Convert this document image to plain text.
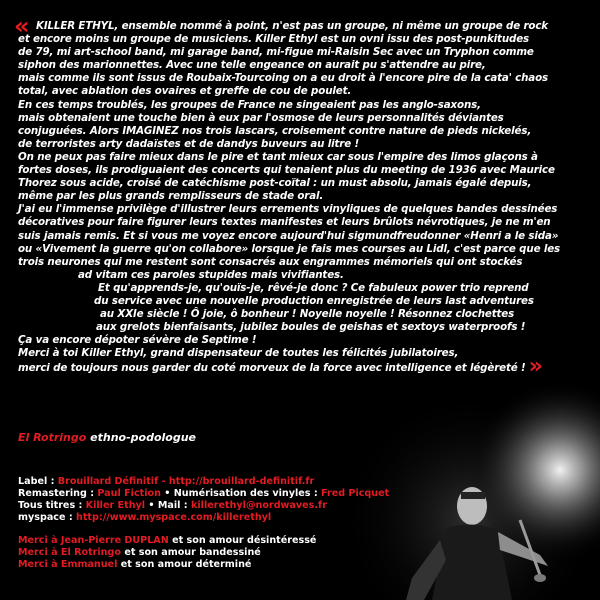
« KILLER ETHYL, ensemble nommé à point, n'est pas un groupe, ni même un groupe de rock
et encore moins un groupe de musiciens. Killer Ethyl est un ovni issu des post-punkitudes
de 79, mi art-school band, mi garage band, mi-figue mi-Raisin Sec avec un Tryphon comme
siphon des marionnettes. Avec une telle engeance on aurait pu s'attendre au pire,
mais comme ils sont issus de Roubaix-Tourcoing on a eu droit à l'encore pire de la cata' chaos
total, avec ablation des ovaires et greffe de cou de poulet.
En ces temps troublés, les groupes de France ne singeaient pas les anglo-saxons,
mais obtenaient une touche bien à eux par l'osmose de leurs personnalités déviantes
conjuguées. Alors IMAGINEZ nos trois lascars, croisement contre nature de pieds nickelés,
de terroristes arty dadaïstes et de dandys buveurs au litre !
On ne peux pas faire mieux dans le pire et tant mieux car sous l'empire des limos glaçons à
fortes doses, ils prodiguaient des concerts qui tenaient plus du meeting de 1936 avec Maurice
Thorez sous acide, croisé de catéchisme post-coïtal : un must absolu, jamais égalé depuis,
même par les plus grands remplisseurs de stade oral.
J'ai eu l'immense privilège d'illustrer leurs errements vinyliques de quelques bandes dessinées
décoratives pour faire figurer leurs textes manifestes et leurs brûlots névrotiques, je ne m'en
suis jamais remis. Et si vous me voyez encore aujourd'hui sigmundfreudonner «Henri a le sida»
ou «Vivement la guerre qu'on collabore» lorsque je fais mes courses au Lidl, c'est parce que les
trois neurones qui me restent sont consacrés aux engrammes mémoriels qui ont stockés
ad vitam ces paroles stupides mais vivifiantes.
Et qu'apprends-je, qu'ouïs-je, rêvé-je donc ? Ce fabuleux power trio reprend
du service avec une nouvelle production enregistrée de leurs last adventures
au XXIe siècle ! Ô joie, ô bonheur ! Noyelle noyelle ! Résonnez clochettes
aux grelots bienfaisants, jubilez boules de geishas et sextoys waterproofs !
Ça va encore dépoter sévère de Septime !
Merci à toi Killer Ethyl, grand dispensateur de toutes les félicités jubilatoires,
merci de toujours nous garder du coté morveux de la force avec intelligence et légèreté ! »
El Rotringo ethno-podologue
Label : Brouillard Définitif - http://brouillard-definitif.fr
Remastering : Paul Fiction • Numérisation des vinyles : Fred Picquet
Tous titres : Killer Ethyl • Mail : killerethyl@nordwaves.fr
myspace : http://www.myspace.com/killerethyl
Merci à Jean-Pierre DUPLAN et son amour désintéressé
Merci à El Rotringo et son amour bandessiné
Merci à Emmanuel et son amour déterminé
